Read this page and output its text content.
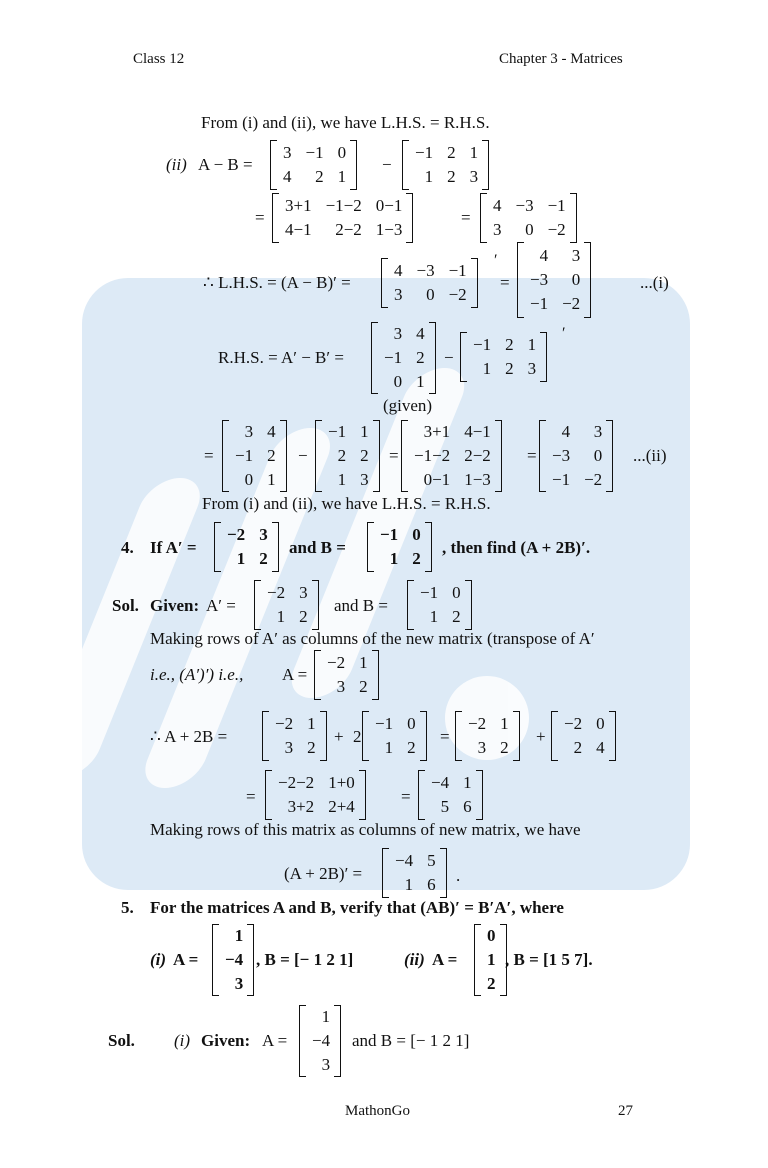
Class 12	Chapter 3 - Matrices
From (i) and (ii), we have L.H.S. = R.H.S.
(ii) A − B =
3 −1 0
4	2 1
−
−1 2 1
1 2 3
=
3+1 −1−2 0−1
4−1	2−2 1−3
=
4 −3 −1
3	0 −2
∴ L.H.S. = (A − B)′ =
4 −3 −1
3	0 −2
′
=
4	3
−3	0
−1 −2
...(i)
R.H.S. = A′ − B′ =
3 4
−1 2
0 1
−
−1 2 1
1 2 3
′
(given)
=
3 4
−1 2
0 1
−
−1 1
2 2
1 3
=
3+1 4−1
−1−2 2−2
0−1 1−3
=
4	3
−3	0
−1 −2
...(ii)
From (i) and (ii), we have L.H.S. = R.H.S.
4. If A′ =
−2 3
1 2
and B =
−1 0
1 2
, then find (A + 2B)′.
Sol. Given: A′ =
−2 3
1 2
and B =
−1 0
1 2
Making rows of A′ as columns of the new matrix (transpose of A′
i.e., (A′)′) i.e., A =
−2 1
3 2
∴ A + 2B =
−2 1
3 2
+ 2
−1 0
1 2
=
−2 1
3 2
+
−2 0
2 4
=
−2−2 1+0
3+2 2+4
=
−4 1
5 6
Making rows of this matrix as columns of new matrix, we have
(A + 2B)′ =
−4 5
1 6 .
5. For the matrices A and B, verify that (AB)′ = B′A′, where
(i) A =
1
−4
3
, B = [− 1 2 1]	(ii) A =
0
1
2
, B = [1 5 7].
Sol. (i) Given: A =
1
−4
3
and B = [− 1 2 1]
MathonGo	27
